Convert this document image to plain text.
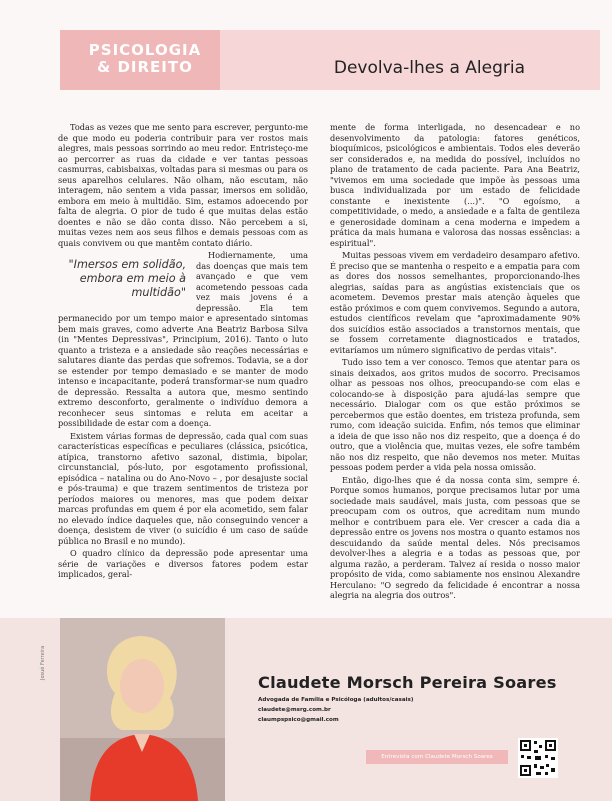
PSICOLOGIA
& DIREITO	Devolva-lhes a Alegria

Todas as vezes que me sento para escrever, pergunto-me de que modo eu poderia contribuir para ver rostos mais alegres, mais pessoas sorrindo ao meu redor. Entristeço-me ao percorrer as ruas da cidade e ver tantas pessoas casmurras, cabisbaixas, voltadas para si mesmas ou para os seus aparelhos celulares. Não olham, não escutam, não interagem, não sentem a vida passar, imersos em solidão, embora em meio à multidão. Sim, estamos adoecendo por falta de alegria. O pior de tudo é que muitas delas estão doentes e não se dão conta disso. Não percebem a si, muitas vezes nem aos seus filhos e demais pessoas com as quais convivem ou que mantêm contato diário.

"Imersos em solidão, embora em meio à multidão"

Hodiernamente, uma das doenças que mais tem avançado e que vem acometendo pessoas cada vez mais jovens é a depressão. Ela tem permanecido por um tempo maior e apresentado sintomas bem mais graves, como adverte Ana Beatriz Barbosa Silva (in "Mentes Depressivas", Principium, 2016). Tanto o luto quanto a tristeza e a ansiedade são reações necessárias e salutares diante das perdas que sofremos. Todavia, se a dor se estender por tempo demasiado e se manter de modo intenso e incapacitante, poderá transformar-se num quadro de depressão. Ressalta a autora que, mesmo sentindo extremo desconforto, geralmente o indivíduo demora a reconhecer seus sintomas e reluta em aceitar a possibilidade de estar com a doença.

Existem várias formas de depressão, cada qual com suas características específicas e peculiares (clássica, psicótica, atípica, transtorno afetivo sazonal, distimia, bipolar, circunstancial, pós-luto, por esgotamento profissional, episódica – natalina ou do Ano-Novo – , por desajuste social e pós-trauma) e que trazem sentimentos de tristeza por períodos maiores ou menores, mas que podem deixar marcas profundas em quem é por ela acometido, sem falar no elevado índice daqueles que, não conseguindo vencer a doença, desistem de viver (o suicídio é um caso de saúde pública no Brasil e no mundo).

O quadro clínico da depressão pode apresentar uma série de variações e diversos fatores podem estar implicados, geral-

mente de forma interligada, no desencadear e no desenvolvimento da patologia: fatores genéticos, bioquímicos, psicológicos e ambientais. Todos eles deverão ser considerados e, na medida do possível, incluídos no plano de tratamento de cada paciente. Para Ana Beatriz, "vivemos em uma sociedade que impõe às pessoas uma busca individualizada por um estado de felicidade constante e inexistente (...)". "O egoísmo, a competitividade, o medo, a ansiedade e a falta de gentileza e generosidade dominam a cena moderna e impedem a prática da mais humana e valorosa das nossas essências: a espiritual".

Muitas pessoas vivem em verdadeiro desamparo afetivo. É preciso que se mantenha o respeito e a empatia para com as dores dos nossos semelhantes, proporcionando-lhes alegrias, saídas para as angústias existenciais que os acometem. Devemos prestar mais atenção àqueles que estão próximos e com quem convivemos. Segundo a autora, estudos científicos revelam que "aproximadamente 90% dos suicídios estão associados a transtornos mentais, que se fossem corretamente diagnosticados e tratados, evitaríamos um número significativo de perdas vitais".

Tudo isso tem a ver conosco. Temos que atentar para os sinais deixados, aos gritos mudos de socorro. Precisamos olhar as pessoas nos olhos, preocupando-se com elas e colocando-se à disposição para ajudá-las sempre que necessário. Dialogar com os que estão próximos se percebermos que estão doentes, em tristeza profunda, sem rumo, com ideação suicida. Enfim, nós temos que eliminar a ideia de que isso não nos diz respeito, que a doença é do outro, que a violência que, muitas vezes, ele sofre também não nos diz respeito, que não devemos nos meter. Muitas pessoas podem perder a vida pela nossa omissão.

Então, digo-lhes que é da nossa conta sim, sempre é. Porque somos humanos, porque precisamos lutar por uma sociedade mais saudável, mais justa, com pessoas que se preocupam com os outros, que acreditam num mundo melhor e contribuem para ele. Ver crescer a cada dia a depressão entre os jovens nos mostra o quanto estamos nos descuidando da saúde mental deles. Nós precisamos devolver-lhes a alegria e a todas as pessoas que, por alguma razão, a perderam. Talvez aí resida o nosso maior propósito de vida, como sabiamente nos ensinou Alexandre Herculano: "O segredo da felicidade é encontrar a nossa alegria na alegria dos outros".

Josué Ferreira
Claudete Morsch Pereira Soares
Advogada de Família e Psicóloga (adultos/casais)
claudete@msrg.com.br
claumpspsico@gmail.com
Entrevista com Claudete Morsch Soares
